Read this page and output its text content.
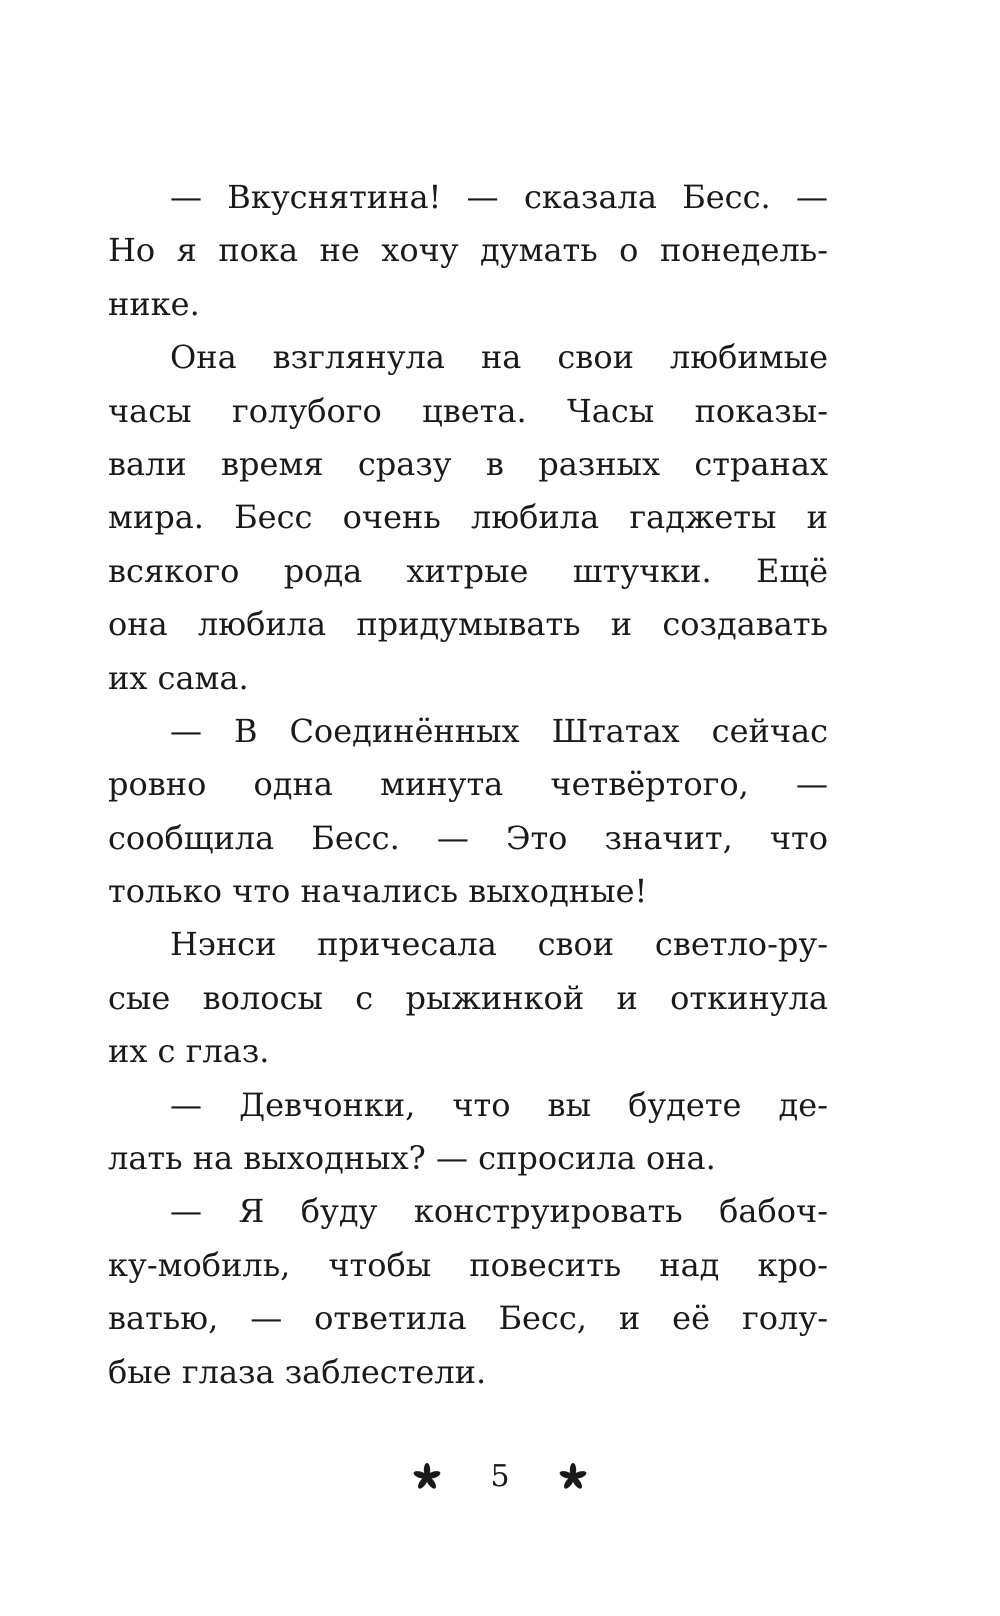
— Вкуснятина! — сказала Бесс. —
Но я пока не хочу думать о понедель-
нике.
Она взглянула на свои любимые
часы голубого цвета. Часы показы-
вали время сразу в разных странах
мира. Бесс очень любила гаджеты и
всякого рода хитрые штучки. Ещё
она любила придумывать и создавать
их сама.
— В Соединённых Штатах сейчас
ровно одна минута четвёртого, —
сообщила Бесс. — Это значит, что
только что начались выходные!
Нэнси причесала свои светло-ру-
сые волосы с рыжинкой и откинула
их с глаз.
— Девчонки, что вы будете де-
лать на выходных? — спросила она.
— Я буду конструировать бабоч-
ку-мобиль, чтобы повесить над кро-
ватью, — ответила Бесс, и её голу-
бые глаза заблестели.
5
